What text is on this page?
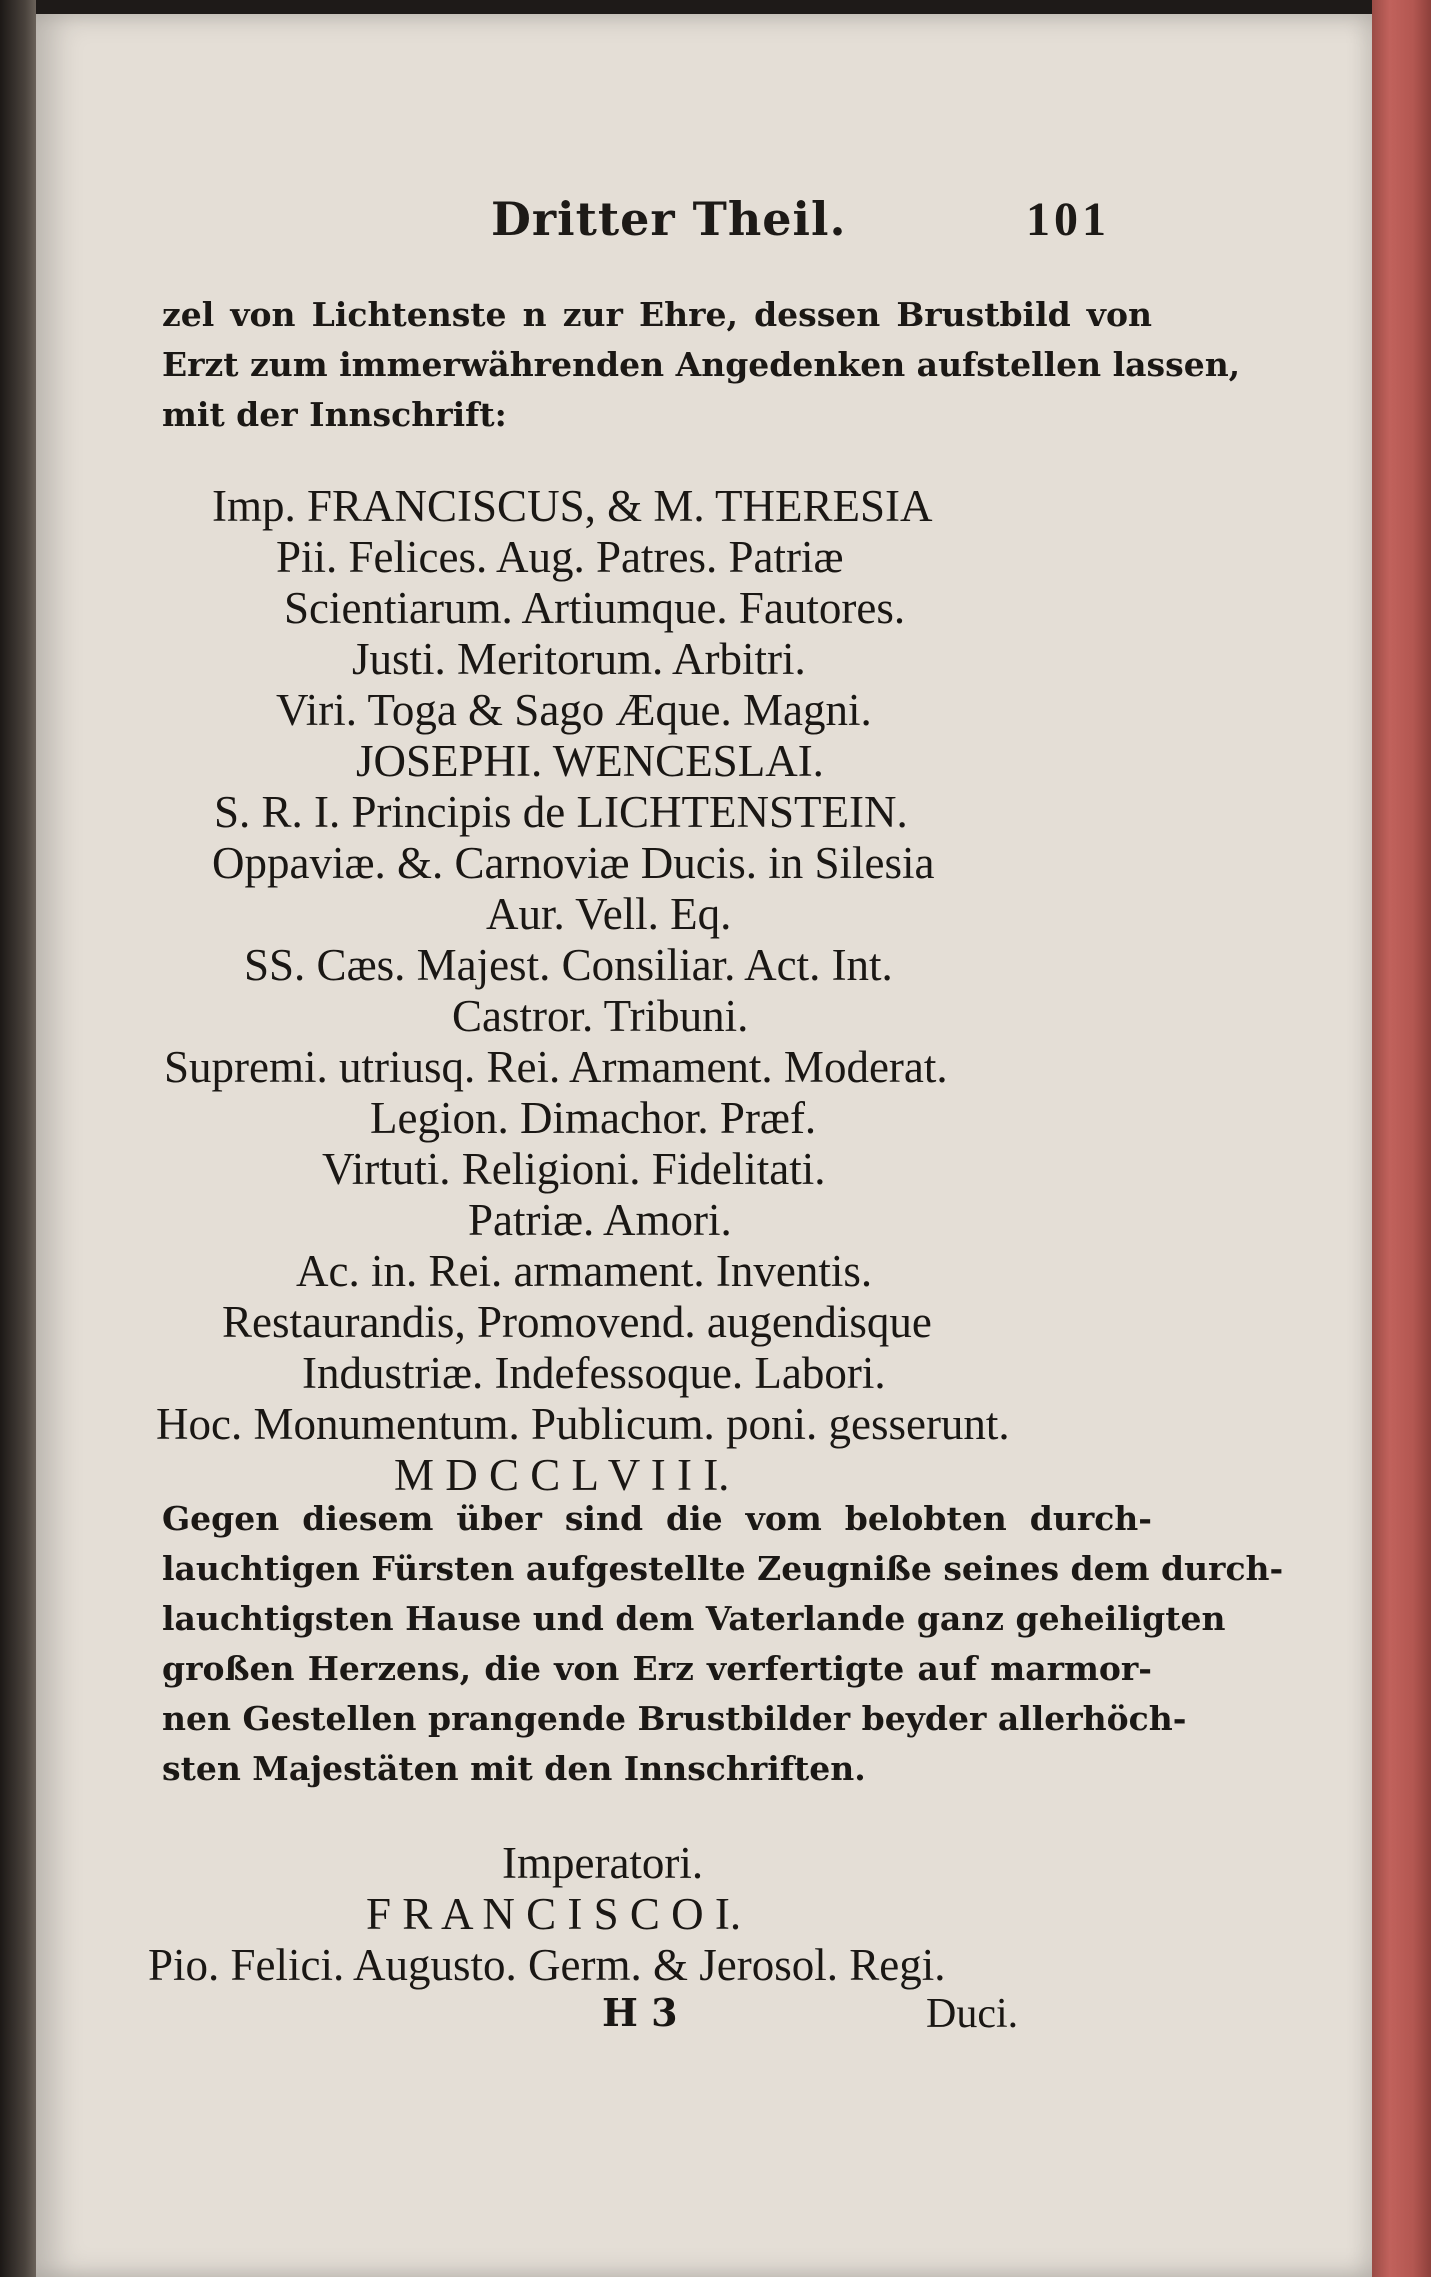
Dritter Theil.	101
zel von Lichtenste n zur Ehre, dessen Brustbild von
Erzt zum immerwährenden Angedenken aufstellen lassen,
mit der Innschrift:
Imp. FRANCISCUS, & M. THERESIA
Pii. Felices. Aug. Patres. Patriæ
Scientiarum. Artiumque. Fautores.
Justi. Meritorum. Arbitri.
Viri. Toga & Sago Æque. Magni.
JOSEPHI. WENCESLAI.
S. R. I. Principis de LICHTENSTEIN.
Oppaviæ. &. Carnoviæ Ducis. in Silesia
Aur. Vell. Eq.
SS. Cæs. Majest. Consiliar. Act. Int.
Castror. Tribuni.
Supremi. utriusq. Rei. Armament. Moderat.
Legion. Dimachor. Præf.
Virtuti. Religioni. Fidelitati.
Patriæ. Amori.
Ac. in. Rei. armament. Inventis.
Restaurandis, Promovend. augendisque
Industriæ. Indefessoque. Labori.
Hoc. Monumentum. Publicum. poni. gesserunt.
M D C C L V I I I.
Gegen diesem über sind die vom belobten durch-
lauchtigen Fürsten aufgestellte Zeugniße seines dem durch-
lauchtigsten Hause und dem Vaterlande ganz geheiligten
großen Herzens, die von Erz verfertigte auf marmor-
nen Gestellen prangende Brustbilder beyder allerhöch-
sten Majestäten mit den Innschriften.
Imperatori.
F R A N C I S C O I.
Pio. Felici. Augusto. Germ. & Jerosol. Regi.
H 3	Duci.
